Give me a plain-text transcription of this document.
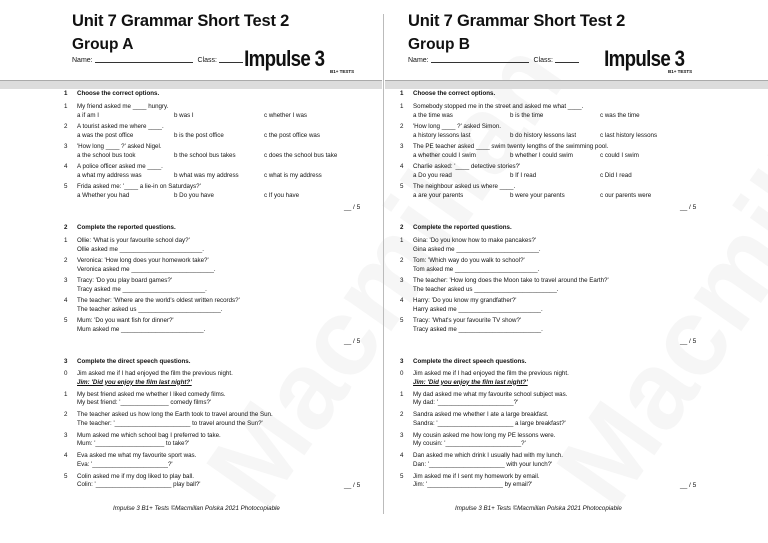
Unit 7 Grammar Short Test 2
Group A
Name:	Class:	Impulse 3
B1+ TESTS
Unit 7 Grammar Short Test 2
Group B
Name:	Class:	Impulse 3
B1+ TESTS
1 Choose the correct options.
1 My friend asked me ____ hungry.
a if am I	b was I	c whether I was
2 A tourist asked me where ____.
a was the post office	b is the post office	c the post office was
3 'How long ____ ?' asked Nigel.
a the school bus took	b the school bus takes	c does the school bus take
4 A police officer asked me ____.
a what my address was	b what was my address	c what is my address
5 Frida asked me: '____ a lie-in on Saturdays?'
a Whether you had	b Do you have	c If you have
__ / 5
2 Complete the reported questions.
1 Ollie: 'What is your favourite school day?'
Ollie asked me ________________________.
2 Veronica: 'How long does your homework take?'
Veronica asked me ________________________.
3 Tracy: 'Do you play board games?'
Tracy asked me ________________________.
4 The teacher: 'Where are the world's oldest written records?'
The teacher asked us ________________________.
5 Mum: 'Do you want fish for dinner?'
Mum asked me ________________________.
__ / 5
3 Complete the direct speech questions.
0 Jim asked me if I had enjoyed the film the previous night.
Jim: 'Did you enjoy the film last night?'
1 My best friend asked me whether I liked comedy films.
My best friend: '______________ comedy films?'
2 The teacher asked us how long the Earth took to travel around the Sun.
The teacher: '______________________ to travel around the Sun?'
3 Mum asked me which school bag I preferred to take.
Mum: '____________________ to take?'
4 Eva asked me what my favourite sport was.
Eva: '______________________?'
5 Colin asked me if my dog liked to play ball.
Colin: '______________________ play ball?'	__ / 5
1 Choose the correct options.
1 Somebody stopped me in the street and asked me what ____.
a the time was	b is the time	c was the time
2 'How long ____ ?' asked Simon.
a history lessons last	b do history lessons last	c last history lessons
3 The PE teacher asked ____ swim twenty lengths of the swimming pool.
a whether could I swim	b whether I could swim	c could I swim
4 Charlie asked: '____ detective stories?'
a Do you read	b If I read	c Did I read
5 The neighbour asked us where ____.
a are your parents	b were your parents	c our parents were
__ / 5
2 Complete the reported questions.
1 Gina: 'Do you know how to make pancakes?'
Gina asked me ________________________.
2 Tom: 'Which way do you walk to school?'
Tom asked me ________________________.
3 The teacher: 'How long does the Moon take to travel around the Earth?'
The teacher asked us ________________________.
4 Harry: 'Do you know my grandfather?'
Harry asked me ________________________.
5 Tracy: 'What's your favourite TV show?'
Tracy asked me ________________________.
__ / 5
3 Complete the direct speech questions.
0 Jim asked me if I had enjoyed the film the previous night.
Jim: 'Did you enjoy the film last night?'
1 My dad asked me what my favourite school subject was.
My dad: '______________________?'
2 Sandra asked me whether I ate a large breakfast.
Sandra: '______________________ a large breakfast?'
3 My cousin asked me how long my PE lessons were.
My cousin: '______________________?'
4 Dan asked me which drink I usually had with my lunch.
Dan: '______________________ with your lunch?'
5 Jim asked me if I sent my homework by email.
Jim: '______________________ by email?'	__ / 5
Impulse 3 B1+ Tests ©Macmillan Polska 2021 Photocopiable	Impulse 3 B1+ Tests ©Macmillan Polska 2021 Photocopiable
